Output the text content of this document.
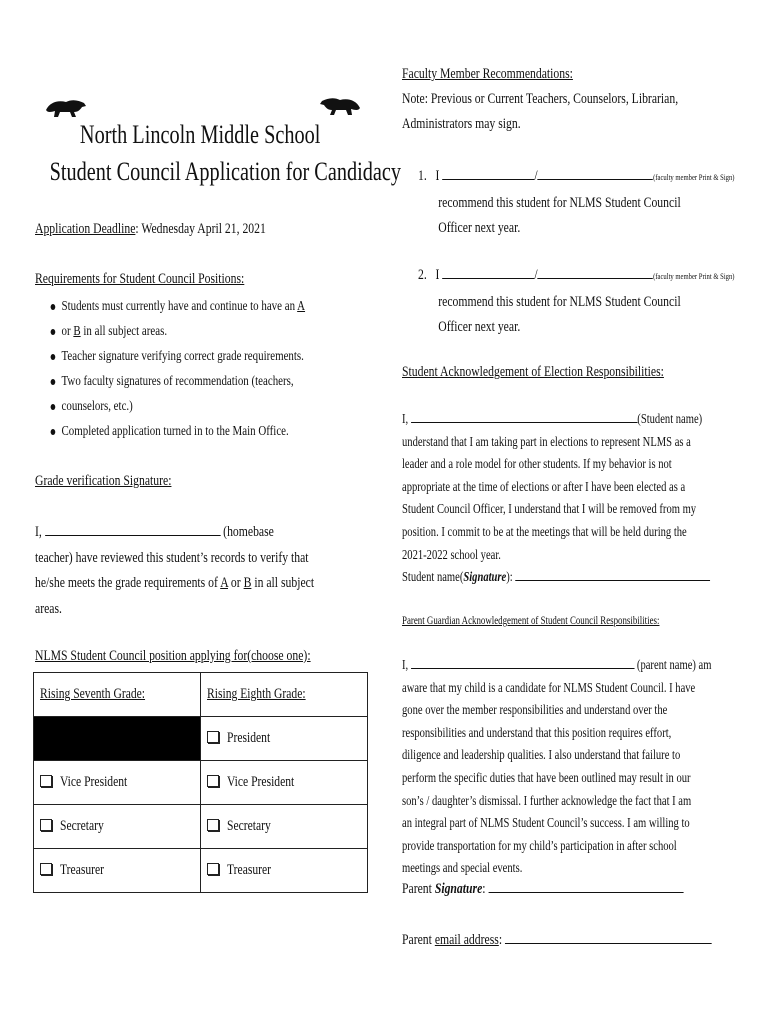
North Lincoln Middle School
Student Council Application for Candidacy
Application Deadline: Wednesday April 21, 2021
Requirements for Student Council Positions:
Students must currently have and continue to have an A
or B in all subject areas.
Teacher signature verifying correct grade requirements.
Two faculty signatures of recommendation (teachers,
counselors, etc.)
Completed application turned in to the Main Office.
Grade verification Signature:
I,	(homebase
teacher) have reviewed this student’s records to verify that
he/she meets the grade requirements of A or B in all subject
areas.
NLMS Student Council position applying for(choose one):
Rising Seventh Grade:	Rising Eighth Grade:
	President
Vice President	Vice President
Secretary	Secretary
Treasurer	Treasurer
Faculty Member Recommendations:
Note: Previous or Current Teachers, Counselors, Librarian,
Administrators may sign.
1. I	/	(faculty member Print & Sign)
recommend this student for NLMS Student Council
Officer next year.
2. I	/	(faculty member Print & Sign)
recommend this student for NLMS Student Council
Officer next year.
Student Acknowledgement of Election Responsibilities:
I,	(Student name)
understand that I am taking part in elections to represent NLMS as a
leader and a role model for other students. If my behavior is not
appropriate at the time of elections or after I have been elected as a
Student Council Officer, I understand that I will be removed from my
position. I commit to be at the meetings that will be held during the
2021-2022 school year.
Student name(Signature):
Parent Guardian Acknowledgement of Student Council Responsibilities:
I,	(parent name) am
aware that my child is a candidate for NLMS Student Council. I have
gone over the member responsibilities and understand over the
responsibilities and understand that this position requires effort,
diligence and leadership qualities. I also understand that failure to
perform the specific duties that have been outlined may result in our
son’s / daughter’s dismissal. I further acknowledge the fact that I am
an integral part of NLMS Student Council’s success. I am willing to
provide transportation for my child’s participation in after school
meetings and special events.
Parent Signature:
Parent email address:
